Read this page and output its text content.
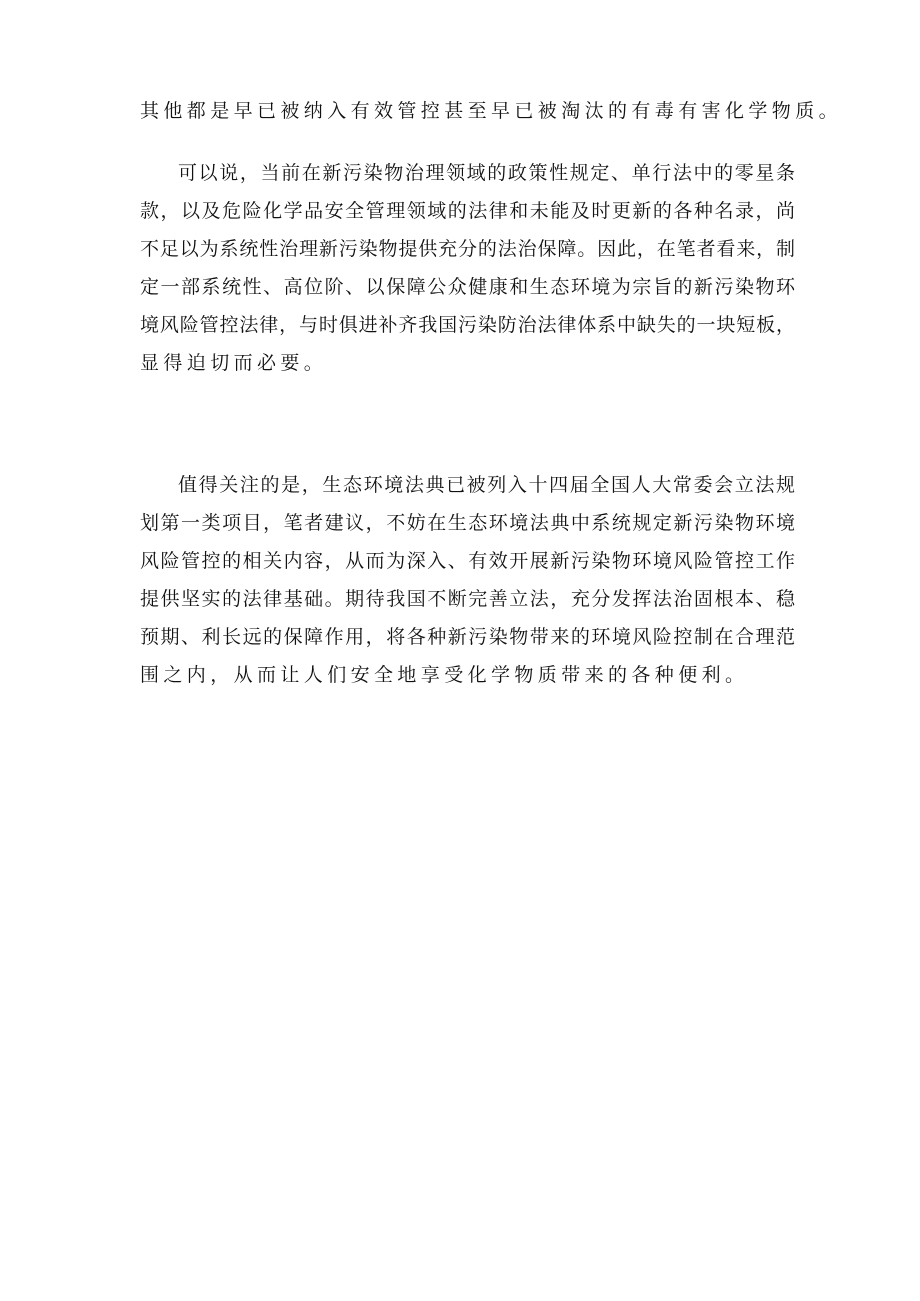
其他都是早已被纳入有效管控甚至早已被淘汰的有毒有害化学物质。
可以说，当前在新污染物治理领域的政策性规定、单行法中的零星条
款，以及危险化学品安全管理领域的法律和未能及时更新的各种名录，尚
不足以为系统性治理新污染物提供充分的法治保障。因此，在笔者看来，制
定一部系统性、高位阶、以保障公众健康和生态环境为宗旨的新污染物环
境风险管控法律，与时俱进补齐我国污染防治法律体系中缺失的一块短板，
显得迫切而必要。
值得关注的是，生态环境法典已被列入十四届全国人大常委会立法规
划第一类项目，笔者建议，不妨在生态环境法典中系统规定新污染物环境
风险管控的相关内容，从而为深入、有效开展新污染物环境风险管控工作
提供坚实的法律基础。期待我国不断完善立法，充分发挥法治固根本、稳
预期、利长远的保障作用，将各种新污染物带来的环境风险控制在合理范
围之内，从而让人们安全地享受化学物质带来的各种便利。
